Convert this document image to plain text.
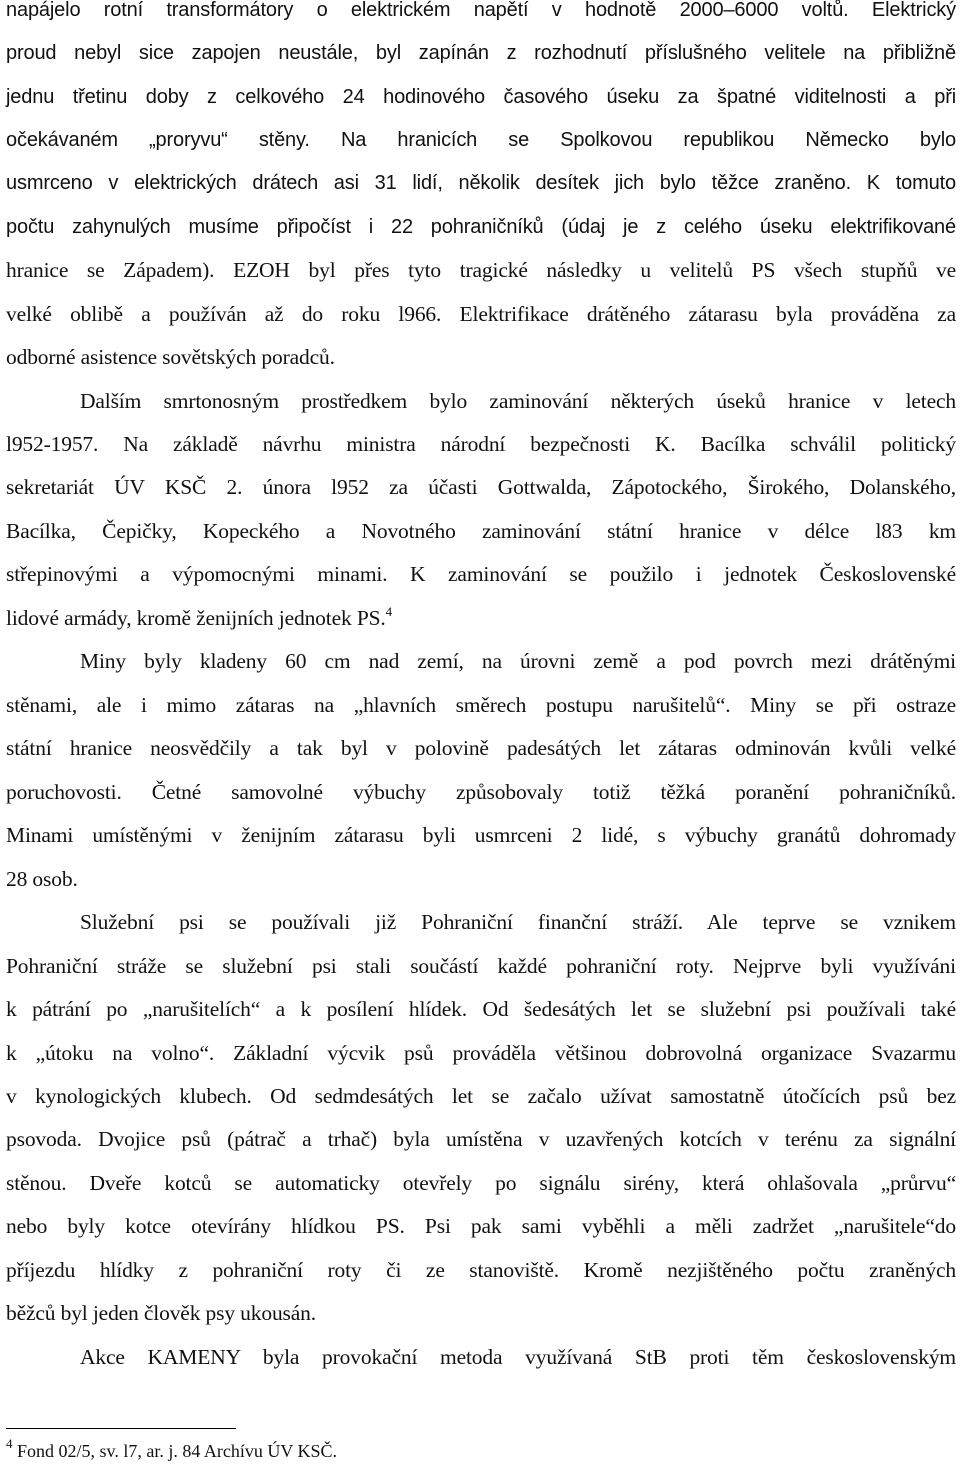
napájelo rotní transformátory o elektrickém napětí v hodnotě 2000–6000 voltů. Elektrický
proud nebyl sice zapojen neustále, byl zapínán z rozhodnutí příslušného velitele na přibližně
jednu třetinu doby z celkového 24 hodinového časového úseku za špatné viditelnosti a při
očekávaném „proryvu“ stěny. Na hranicích se Spolkovou republikou Německo bylo
usmrceno v elektrických drátech asi 31 lidí, několik desítek jich bylo těžce zraněno. K tomuto
počtu zahynulých musíme připočíst i 22 pohraničníků (údaj je z celého úseku elektrifikované
hranice se Západem). EZOH byl přes tyto tragické následky u velitelů PS všech stupňů ve
velké oblibě a používán až do roku l966. Elektrifikace drátěného zátarasu byla prováděna za
odborné asistence sovětských poradců.
Dalším smrtonosným prostředkem bylo zaminování některých úseků hranice v letech
l952-1957. Na základě návrhu ministra národní bezpečnosti K. Bacílka schválil politický
sekretariát ÚV KSČ 2. února l952 za účasti Gottwalda, Zápotockého, Širokého, Dolanského,
Bacílka, Čepičky, Kopeckého a Novotného zaminování státní hranice v délce l83 km
střepinovými a výpomocnými minami. K zaminování se použilo i jednotek Československé
lidové armády, kromě ženijních jednotek PS.$^4$
Miny byly kladeny 60 cm nad zemí, na úrovni země a pod povrch mezi drátěnými
stěnami, ale i mimo zátaras na „hlavních směrech postupu narušitelů“. Miny se při ostraze
státní hranice neosvědčily a tak byl v polovině padesátých let zátaras odminován kvůli velké
poruchovosti. Četné samovolné výbuchy způsobovaly totiž těžká poranění pohraničníků.
Minami umístěnými v ženijním zátarasu byli usmrceni 2 lidé, s výbuchy granátů dohromady
28 osob.
Služební psi se používali již Pohraniční finanční stráží. Ale teprve se vznikem
Pohraniční stráže se služební psi stali součástí každé pohraniční roty. Nejprve byli využíváni
k pátrání po „narušitelích“ a k posílení hlídek. Od šedesátých let se služební psi používali také
k „útoku na volno“. Základní výcvik psů prováděla většinou dobrovolná organizace Svazarmu
v kynologických klubech. Od sedmdesátých let se začalo užívat samostatně útočících psů bez
psovoda. Dvojice psů (pátrač a trhač) byla umístěna v uzavřených kotcích v terénu za signální
stěnou. Dveře kotců se automaticky otevřely po signálu sirény, která ohlašovala „průrvu“
nebo byly kotce otevírány hlídkou PS. Psi pak sami vyběhli a měli zadržet „narušitele“do
příjezdu hlídky z pohraniční roty či ze stanoviště. Kromě nezjištěného počtu zraněných
běžců byl jeden člověk psy ukousán.
Akce KAMENY byla provokační metoda využívaná StB proti těm československým
$^4$ Fond 02/5, sv. l7, ar. j. 84 Archívu ÚV KSČ.
